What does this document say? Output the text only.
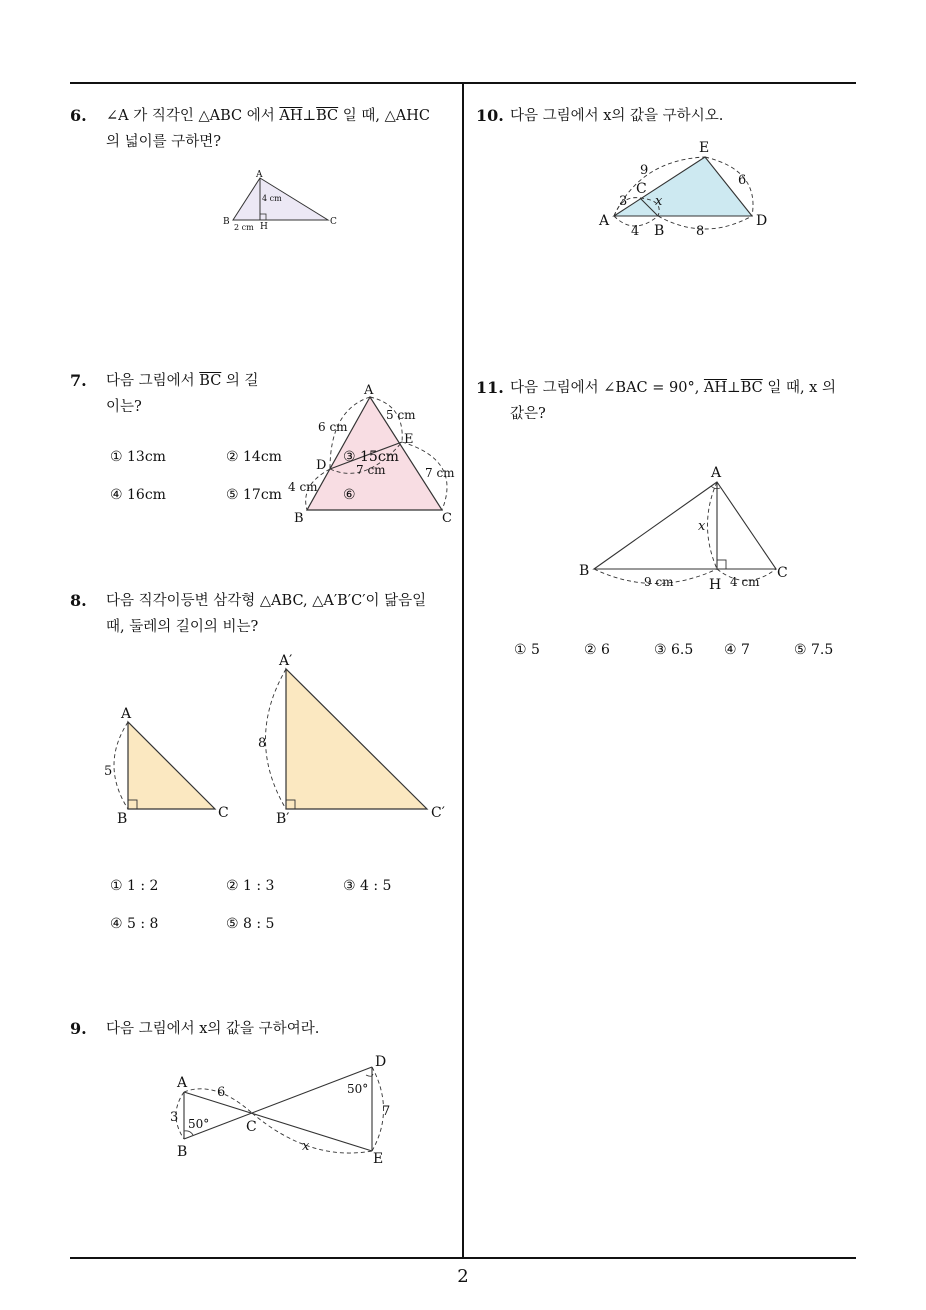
6. ∠A 가 직각인 △ABC 에서 $\overline{AH}\perp\overline{BC}$ 일 때, △AHC
의 넓이를 구하면?
A
B	H	C
4 cm
2 cm
7. 다음 그림에서 $\overline{BC}$ 의 길
이는?
A
B	C
D
E
6 cm
5 cm
7 cm	7 cm
4 cm
① 13cm	② 14cm	③ 15cm
④ 16cm	⑤ 17cm	⑥
8. 다음 직각이등변 삼각형 △ABC, △A′B′C′이 닮음일
때, 둘레의 길이의 비는?
A
B	C
5
A′
B′	C′
8
① 1 : 2	② 1 : 3	③ 4 : 5
④ 5 : 8	⑤ 8 : 5
9. 다음 그림에서 x의 값을 구하여라.
A
B
C
D
E
6
3 50°
50°
7
x
10. 다음 그림에서 x의 값을 구하시오.
A
B
C
D
E
9
6
3 x
4	8
11. 다음 그림에서 ∠BAC = 90°, $\overline{AH}\perp\overline{BC}$ 일 때, x 의
값은?
A
B	C
H
x
9 cm	4 cm
① 5	② 6	③ 6.5 ④ 7	⑤ 7.5
2
